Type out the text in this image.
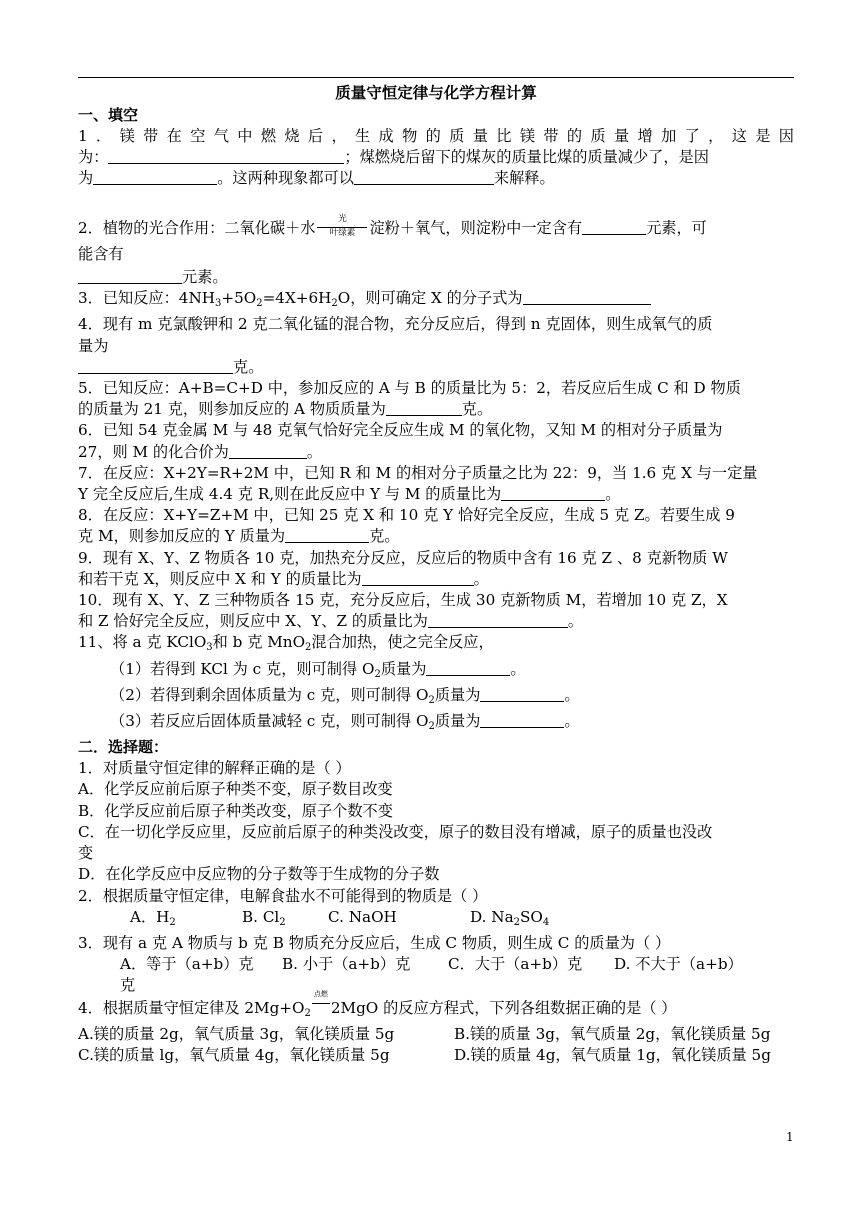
质量守恒定律与化学方程计算
一、填空
1．镁带在空气中燃烧后，生成物的质量比镁带的质量增加了，这是因
为：	；煤燃烧后留下的煤灰的质量比煤的质量减少了，是因
为	。这两种现象都可以	来解释。
2．植物的光合作用：二氧化碳＋水	光
叶绿素 淀粉＋氧气，则淀粉中一定含有	元素，可
能含有
元素。
3．已知反应：$4NH_3+5O_2=4X+6H_2O$，则可确定 X 的分子式为
4．现有 m 克氯酸钾和 2 克二氧化锰的混合物，充分反应后，得到 n 克固体，则生成氧气的质
量为
克。
5．已知反应：A+B=C+D 中，参加反应的 A 与 B 的质量比为 5：2，若反应后生成 C 和 D 物质
的质量为 21 克，则参加反应的 A 物质质量为	克。
6．已知 54 克金属 M 与 48 克氧气恰好完全反应生成 M 的氧化物，又知 M 的相对分子质量为
27，则 M 的化合价为	。
7．在反应：X+2Y=R+2M 中，已知 R 和 M 的相对分子质量之比为 22：9，当 1.6 克 X 与一定量
Y 完全反应后,生成 4.4 克 R,则在此反应中 Y 与 M 的质量比为	。
8．在反应：X+Y=Z+M 中，已知 25 克 X 和 10 克 Y 恰好完全反应，生成 5 克 Z。若要生成 9
克 M，则参加反应的 Y 质量为	克。
9．现有 X、Y、Z 物质各 10 克，加热充分反应，反应后的物质中含有 16 克 Z 、8 克新物质 W
和若干克 X，则反应中 X 和 Y 的质量比为	。
10．现有 X、Y、Z 三种物质各 15 克，充分反应后，生成 30 克新物质 M，若增加 10 克 Z，X
和 Z 恰好完全反应，则反应中 X、Y、Z 的质量比为	。
11、将 a 克 KClO$_3$和 b 克 MnO$_2$混合加热，使之完全反应，
（1）若得到 KCl 为 c 克，则可制得 $O_2$质量为	。
（2）若得到剩余固体质量为 c 克，则可制得 $O_2$质量为	。
（3）若反应后固体质量减轻 c 克，则可制得 $O_2$质量为	。
二．选择题：
1．对质量守恒定律的解释正确的是（ ）
A．化学反应前后原子种类不变，原子数目改变
B．化学反应前后原子种类改变，原子个数不变
C．在一切化学反应里，反应前后原子的种类没改变，原子的数目没有增减，原子的质量也没改
变
D．在化学反应中反应物的分子数等于生成物的分子数
2．根据质量守恒定律，电解食盐水不可能得到的物质是（ ）
A．$H_2$	B. $Cl_2$	C. NaOH	D. $Na_2SO_4$
3．现有 a 克 A 物质与 b 克 B 物质充分反应后，生成 C 物质，则生成 C 的质量为（ ）
A．等于（a+b）克 B. 小于（a+b）克 C．大于（a+b）克 D. 不大于（a+b）
克
4．根据质量守恒定律及 $2Mg+O_2$
点燃
2MgO 的反应方程式，下列各组数据正确的是（ ）
A.镁的质量 2g，氧气质量 3g，氧化镁质量 5g	B.镁的质量 3g，氧气质量 2g，氧化镁质量 5g
C.镁的质量 lg，氧气质量 4g，氧化镁质量 5g	D.镁的质量 4g，氧气质量 1g，氧化镁质量 5g
1
